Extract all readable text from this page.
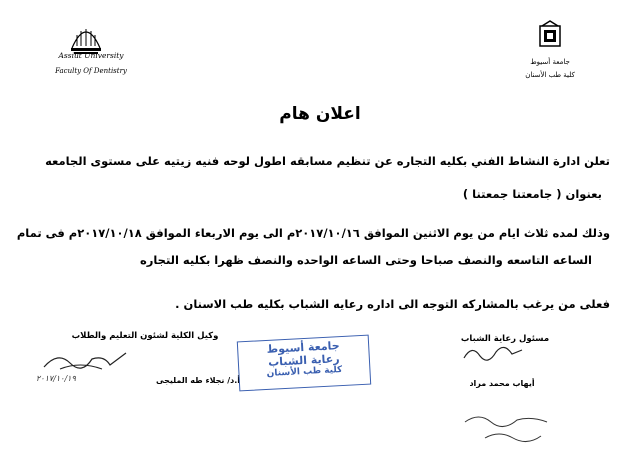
Assiut University
Faculty Of Dentistry
جامعة أسيوط
كلية طب الأسنان
اعلان هام
تعلن ادارة النشاط الفني بكليه التجاره عن تنظيم مسابقه اطول لوحه فنيه زيتيه على مستوى الجامعه
بعنوان ( جامعتنا جمعتنا )
وذلك لمده ثلاث ايام من يوم الاثنين الموافق ٢٠١٧/١٠/١٦م الى يوم الاربعاء الموافق ٢٠١٧/١٠/١٨م فى تمام
الساعه التاسعه والنصف صباحا وحتى الساعه الواحده والنصف ظهرا بكليه التجاره
فعلى من يرغب بالمشاركه التوجه الى اداره رعايه الشباب بكليه طب الاسنان .
وكيل الكلية لشئون التعليم والطلاب
٢٠١٧/١٠/١٩	أ.د/ نجلاء طه المليجى
جامعة أسيوط
رعاية الشباب
كلية طب الأسنان
مسئول رعاية الشباب
أيهاب محمد مراد
